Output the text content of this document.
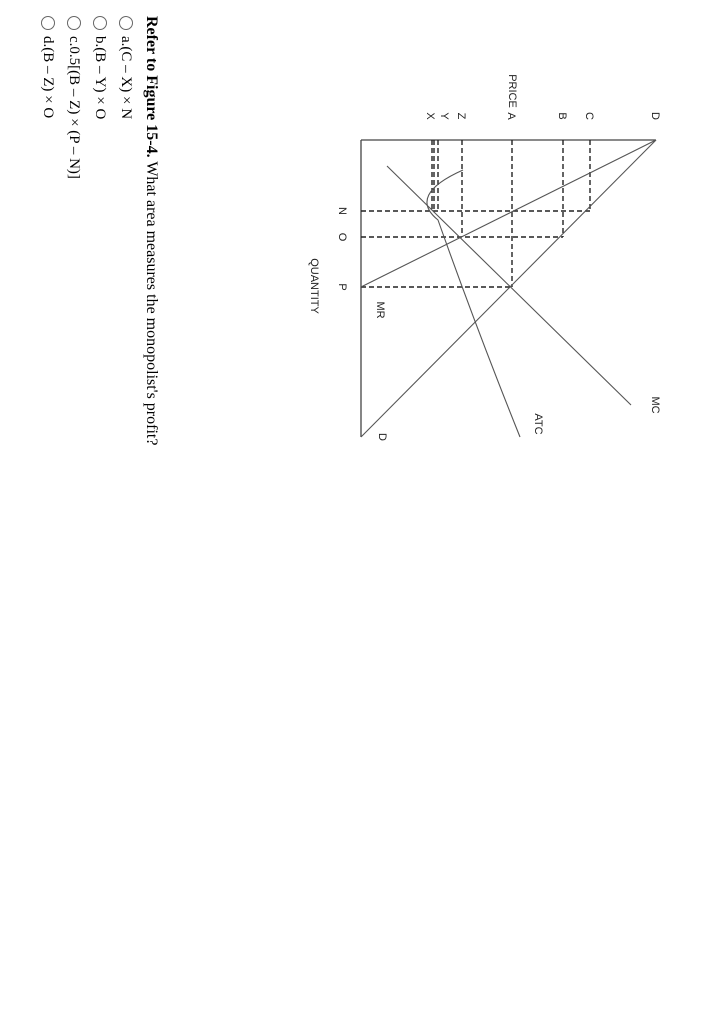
PRICE
D
C
B
A
Z
Y
X
N
O
P
QUANTITY
MC
ATC
MR
D
Refer to Figure 15-4. What area measures the monopolist's profit?
a.
(C – X) × N
b.
(B – Y) × O
c.
0.5[(B – Z) × (P – N)]
d.
(B – Z) × O
